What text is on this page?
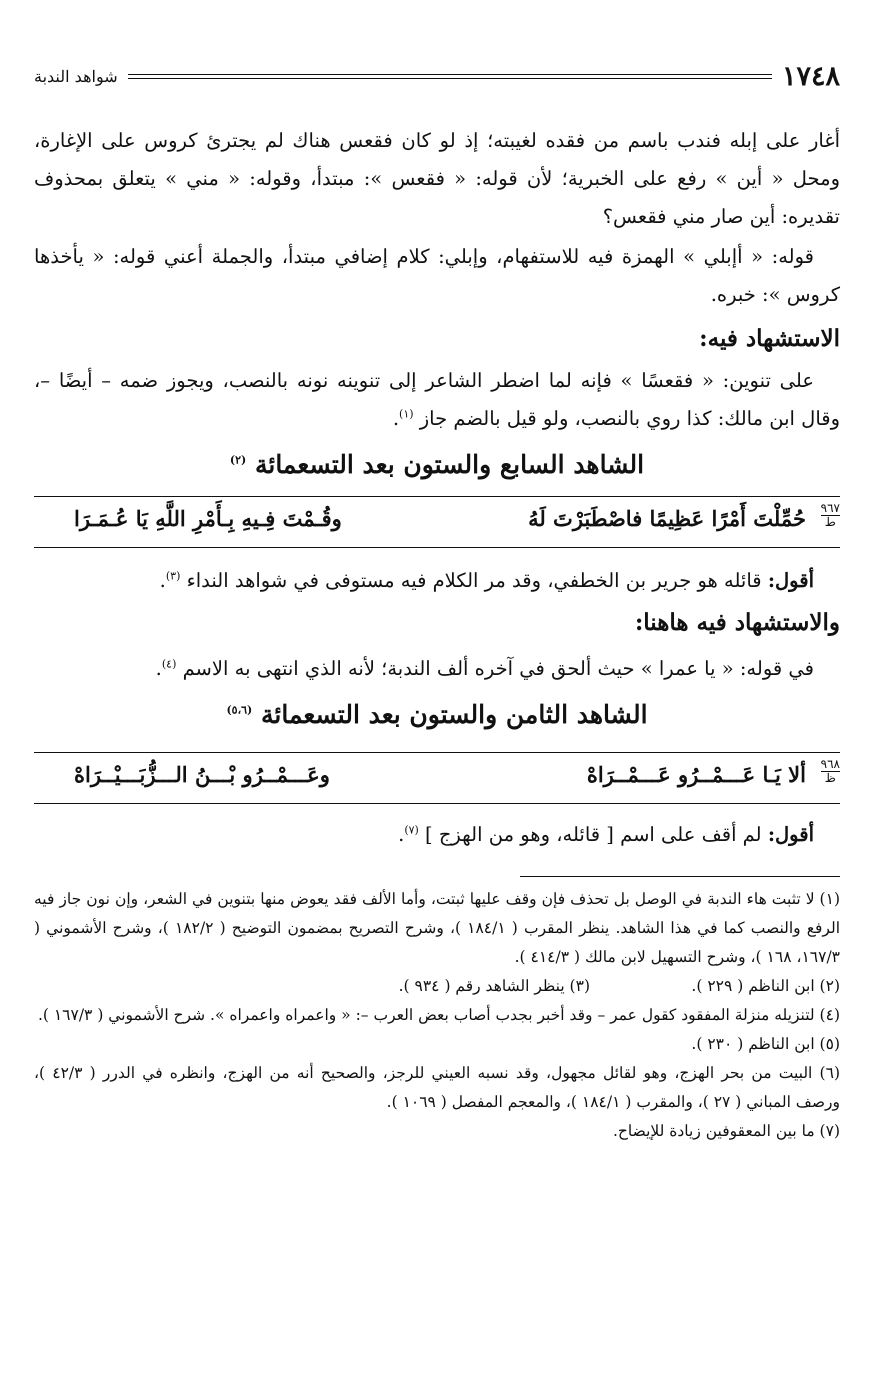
١٧٤٨
شواهد الندبة

أغار على إبله فندب باسم من فقده لغيبته؛ إذ لو كان فقعس هناك لم يجترئ كروس على الإغارة، ومحل « أين » رفع على الخبرية؛ لأن قوله: « فقعس »: مبتدأ، وقوله: « مني » يتعلق بمحذوف تقديره: أين صار مني فقعس؟

قوله: « أإبلي » الهمزة فيه للاستفهام، وإبلي: كلام إضافي مبتدأ، والجملة أعني قوله: « يأخذها كروس »: خبره.

الاستشهاد فيه:

على تنوين: « فقعسًا » فإنه لما اضطر الشاعر إلى تنوينه نونه بالنصب، ويجوز ضمه – أيضًا –، وقال ابن مالك: كذا روي بالنصب، ولو قيل بالضم جاز $^{(١)}$.

الشاهد السابع والستون بعد التسعمائة $^{(٢)}$
٩٦٧
ط
حُمِّلْتَ أَمْرًا عَظِيمًا فاصْطَبَرْتَ لَهُ
وقُـمْتَ فِـيهِ بِـأَمْرِ اللَّهِ يَا عُـمَـرَا

أقول: قائله هو جرير بن الخطفي، وقد مر الكلام فيه مستوفى في شواهد النداء $^{(٣)}$.

والاستشهاد فيه هاهنا:

في قوله: « يا عمرا » حيث ألحق في آخره ألف الندبة؛ لأنه الذي انتهى به الاسم $^{(٤)}$.

الشاهد الثامن والستون بعد التسعمائة $^{(٥،٦)}$
٩٦٨
ظ
ألا يَـا عَـــمْــرُو عَـــمْــرَاهْ
وعَـــمْــرُو بْـــنُ الـــزُّبَـــيْــرَاهْ

أقول: لم أقف على اسم [ قائله، وهو من الهزج ] $^{(٧)}$.

(١) لا تثبت هاء الندبة في الوصل بل تحذف فإن وقف عليها ثبتت، وأما الألف فقد يعوض منها بتنوين في الشعر، وإن نون جاز فيه الرفع والنصب كما في هذا الشاهد. ينظر المقرب ( ١٨٤/١ )، وشرح التصريح بمضمون التوضيح ( ١٨٢/٢ )، وشرح الأشموني ( ١٦٧/٣، ١٦٨ )، وشرح التسهيل لابن مالك ( ٤١٤/٣ ).

(٢) ابن الناظم ( ٢٢٩ ).
(٣) ينظر الشاهد رقم ( ٩٣٤ ).

(٤) لتنزيله منزلة المفقود كقول عمر – وقد أخبر بجدب أصاب بعض العرب –: « واعمراه واعمراه ». شرح الأشموني ( ١٦٧/٣ ).

(٥) ابن الناظم ( ٢٣٠ ).

(٦) البيت من بحر الهزج، وهو لقائل مجهول، وقد نسبه العيني للرجز، والصحيح أنه من الهزج، وانظره في الدرر ( ٤٢/٣ )، ورصف المباني ( ٢٧ )، والمقرب ( ١٨٤/١ )، والمعجم المفصل ( ١٠٦٩ ).

(٧) ما بين المعقوفين زيادة للإيضاح.
